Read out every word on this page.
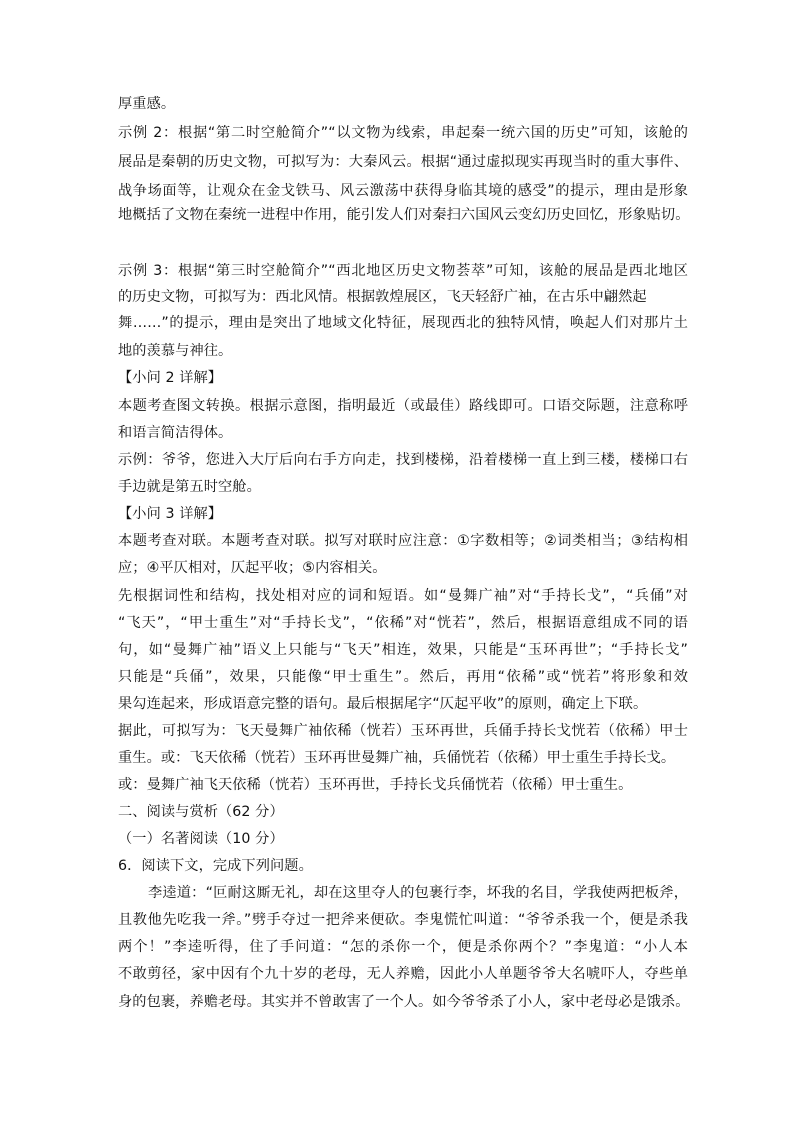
厚重感。
示例 2：根据“第二时空舱简介”“以文物为线索，串起秦一统六国的历史”可知，该舱的
展品是秦朝的历史文物，可拟写为：大秦风云。根据“通过虚拟现实再现当时的重大事件、
战争场面等，让观众在金戈铁马、风云激荡中获得身临其境的感受”的提示，理由是形象
地概括了文物在秦统一进程中作用，能引发人们对秦扫六国风云变幻历史回忆，形象贴切。
示例 3：根据“第三时空舱简介”“西北地区历史文物荟萃”可知，该舱的展品是西北地区
的历史文物，可拟写为：西北风情。根据敦煌展区，飞天轻舒广袖，在古乐中翩然起
舞……”的提示，理由是突出了地域文化特征，展现西北的独特风情，唤起人们对那片土
地的羡慕与神往。
【小问 2 详解】
本题考查图文转换。根据示意图，指明最近（或最佳）路线即可。口语交际题，注意称呼
和语言简洁得体。
示例：爷爷，您进入大厅后向右手方向走，找到楼梯，沿着楼梯一直上到三楼，楼梯口右
手边就是第五时空舱。
【小问 3 详解】
本题考查对联。本题考查对联。拟写对联时应注意：①字数相等；②词类相当；③结构相
应；④平仄相对，仄起平收；⑤内容相关。
先根据词性和结构，找处相对应的词和短语。如“曼舞广袖”对“手持长戈”，“兵俑”对
“飞天”，“甲士重生”对“手持长戈”，“依稀”对“恍若”，然后，根据语意组成不同的语
句，如“曼舞广袖”语义上只能与“飞天”相连，效果，只能是“玉环再世”；“手持长戈”
只能是“兵俑”，效果，只能像“甲士重生”。然后，再用“依稀”或“恍若”将形象和效
果勾连起来，形成语意完整的语句。最后根据尾字“仄起平收”的原则，确定上下联。
据此，可拟写为：飞天曼舞广袖依稀（恍若）玉环再世，兵俑手持长戈恍若（依稀）甲士
重生。或：飞天依稀（恍若）玉环再世曼舞广袖，兵俑恍若（依稀）甲士重生手持长戈。
或：曼舞广袖飞天依稀（恍若）玉环再世，手持长戈兵俑恍若（依稀）甲士重生。
二、阅读与赏析（62 分）
（一）名著阅读（10 分）
6．阅读下文，完成下列问题。
李逵道：“叵耐这厮无礼，却在这里夺人的包裹行李，坏我的名目，学我使两把板斧，
且教他先吃我一斧。”劈手夺过一把斧来便砍。李鬼慌忙叫道：“爷爷杀我一个，便是杀我
两个！”李逵听得，住了手问道：“怎的杀你一个，便是杀你两个？”李鬼道：“小人本
不敢剪径，家中因有个九十岁的老母，无人养赡，因此小人单题爷爷大名唬吓人，夺些单
身的包裹，养赡老母。其实并不曾敢害了一个人。如今爷爷杀了小人，家中老母必是饿杀。
